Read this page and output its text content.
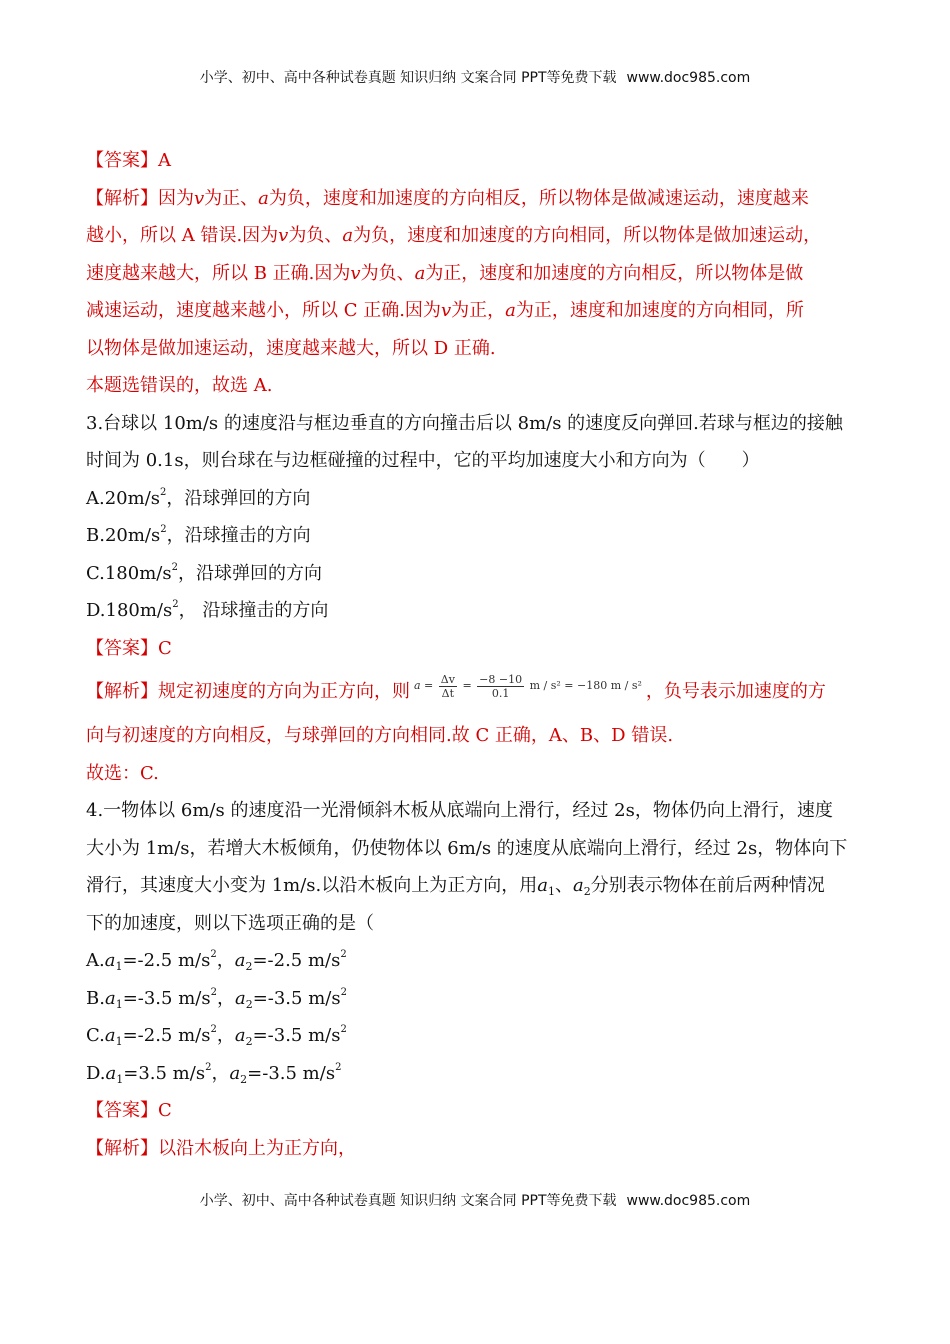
小学、初中、高中各种试卷真题 知识归纳 文案合同 PPT等免费下载 www.doc985.com
【答案】A
【解析】因为v为正、a为负，速度和加速度的方向相反，所以物体是做减速运动，速度越来
越小，所以 A 错误.因为v为负、a为负，速度和加速度的方向相同，所以物体是做加速运动，
速度越来越大，所以 B 正确.因为v为负、a为正，速度和加速度的方向相反，所以物体是做
减速运动，速度越来越小，所以 C 正确.因为v为正，a为正，速度和加速度的方向相同，所
以物体是做加速运动，速度越来越大，所以 D 正确.
本题选错误的，故选 A.
3.台球以 10m/s 的速度沿与框边垂直的方向撞击后以 8m/s 的速度反向弹回.若球与框边的接触
时间为 0.1s，则台球在与边框碰撞的过程中，它的平均加速度大小和方向为（　　）
$A.20m/s^2$，沿球弹回的方向
$B.20m/s^2$，沿球撞击的方向
$C.180m/s^2$，沿球弹回的方向
$D.180m/s^2$， 沿球撞击的方向
【答案】C
【解析】规定初速度的方向为正方向，则 $a = \frac{\Delta v}{\Delta t} = \frac{-8 -10}{0.1}$ m / s² = −180 m / s² ，负号表示加速度的方
向与初速度的方向相反，与球弹回的方向相同.故 C 正确，A、B、D 错误.
故选：C.
4.一物体以 6m/s 的速度沿一光滑倾斜木板从底端向上滑行，经过 2s，物体仍向上滑行，速度
大小为 1m/s，若增大木板倾角，仍使物体以 6m/s 的速度从底端向上滑行，经过 2s，物体向下
滑行，其速度大小变为 1m/s.以沿木板向上为正方向，用$a_1$、$a_2$分别表示物体在前后两种情况
下的加速度，则以下选项正确的是（
$A.a_1=-2.5$ $m/s^2$，$a_2=-2.5$ $m/s^2$
$B.a_1=-3.5$ $m/s^2$，$a_2=-3.5$ $m/s^2$
$C.a_1=-2.5$ $m/s^2$，$a_2=-3.5$ $m/s^2$
$D.a_1=3.5$ $m/s^2$，$a_2=-3.5$ $m/s^2$
【答案】C
【解析】以沿木板向上为正方向，
小学、初中、高中各种试卷真题 知识归纳 文案合同 PPT等免费下载 www.doc985.com
